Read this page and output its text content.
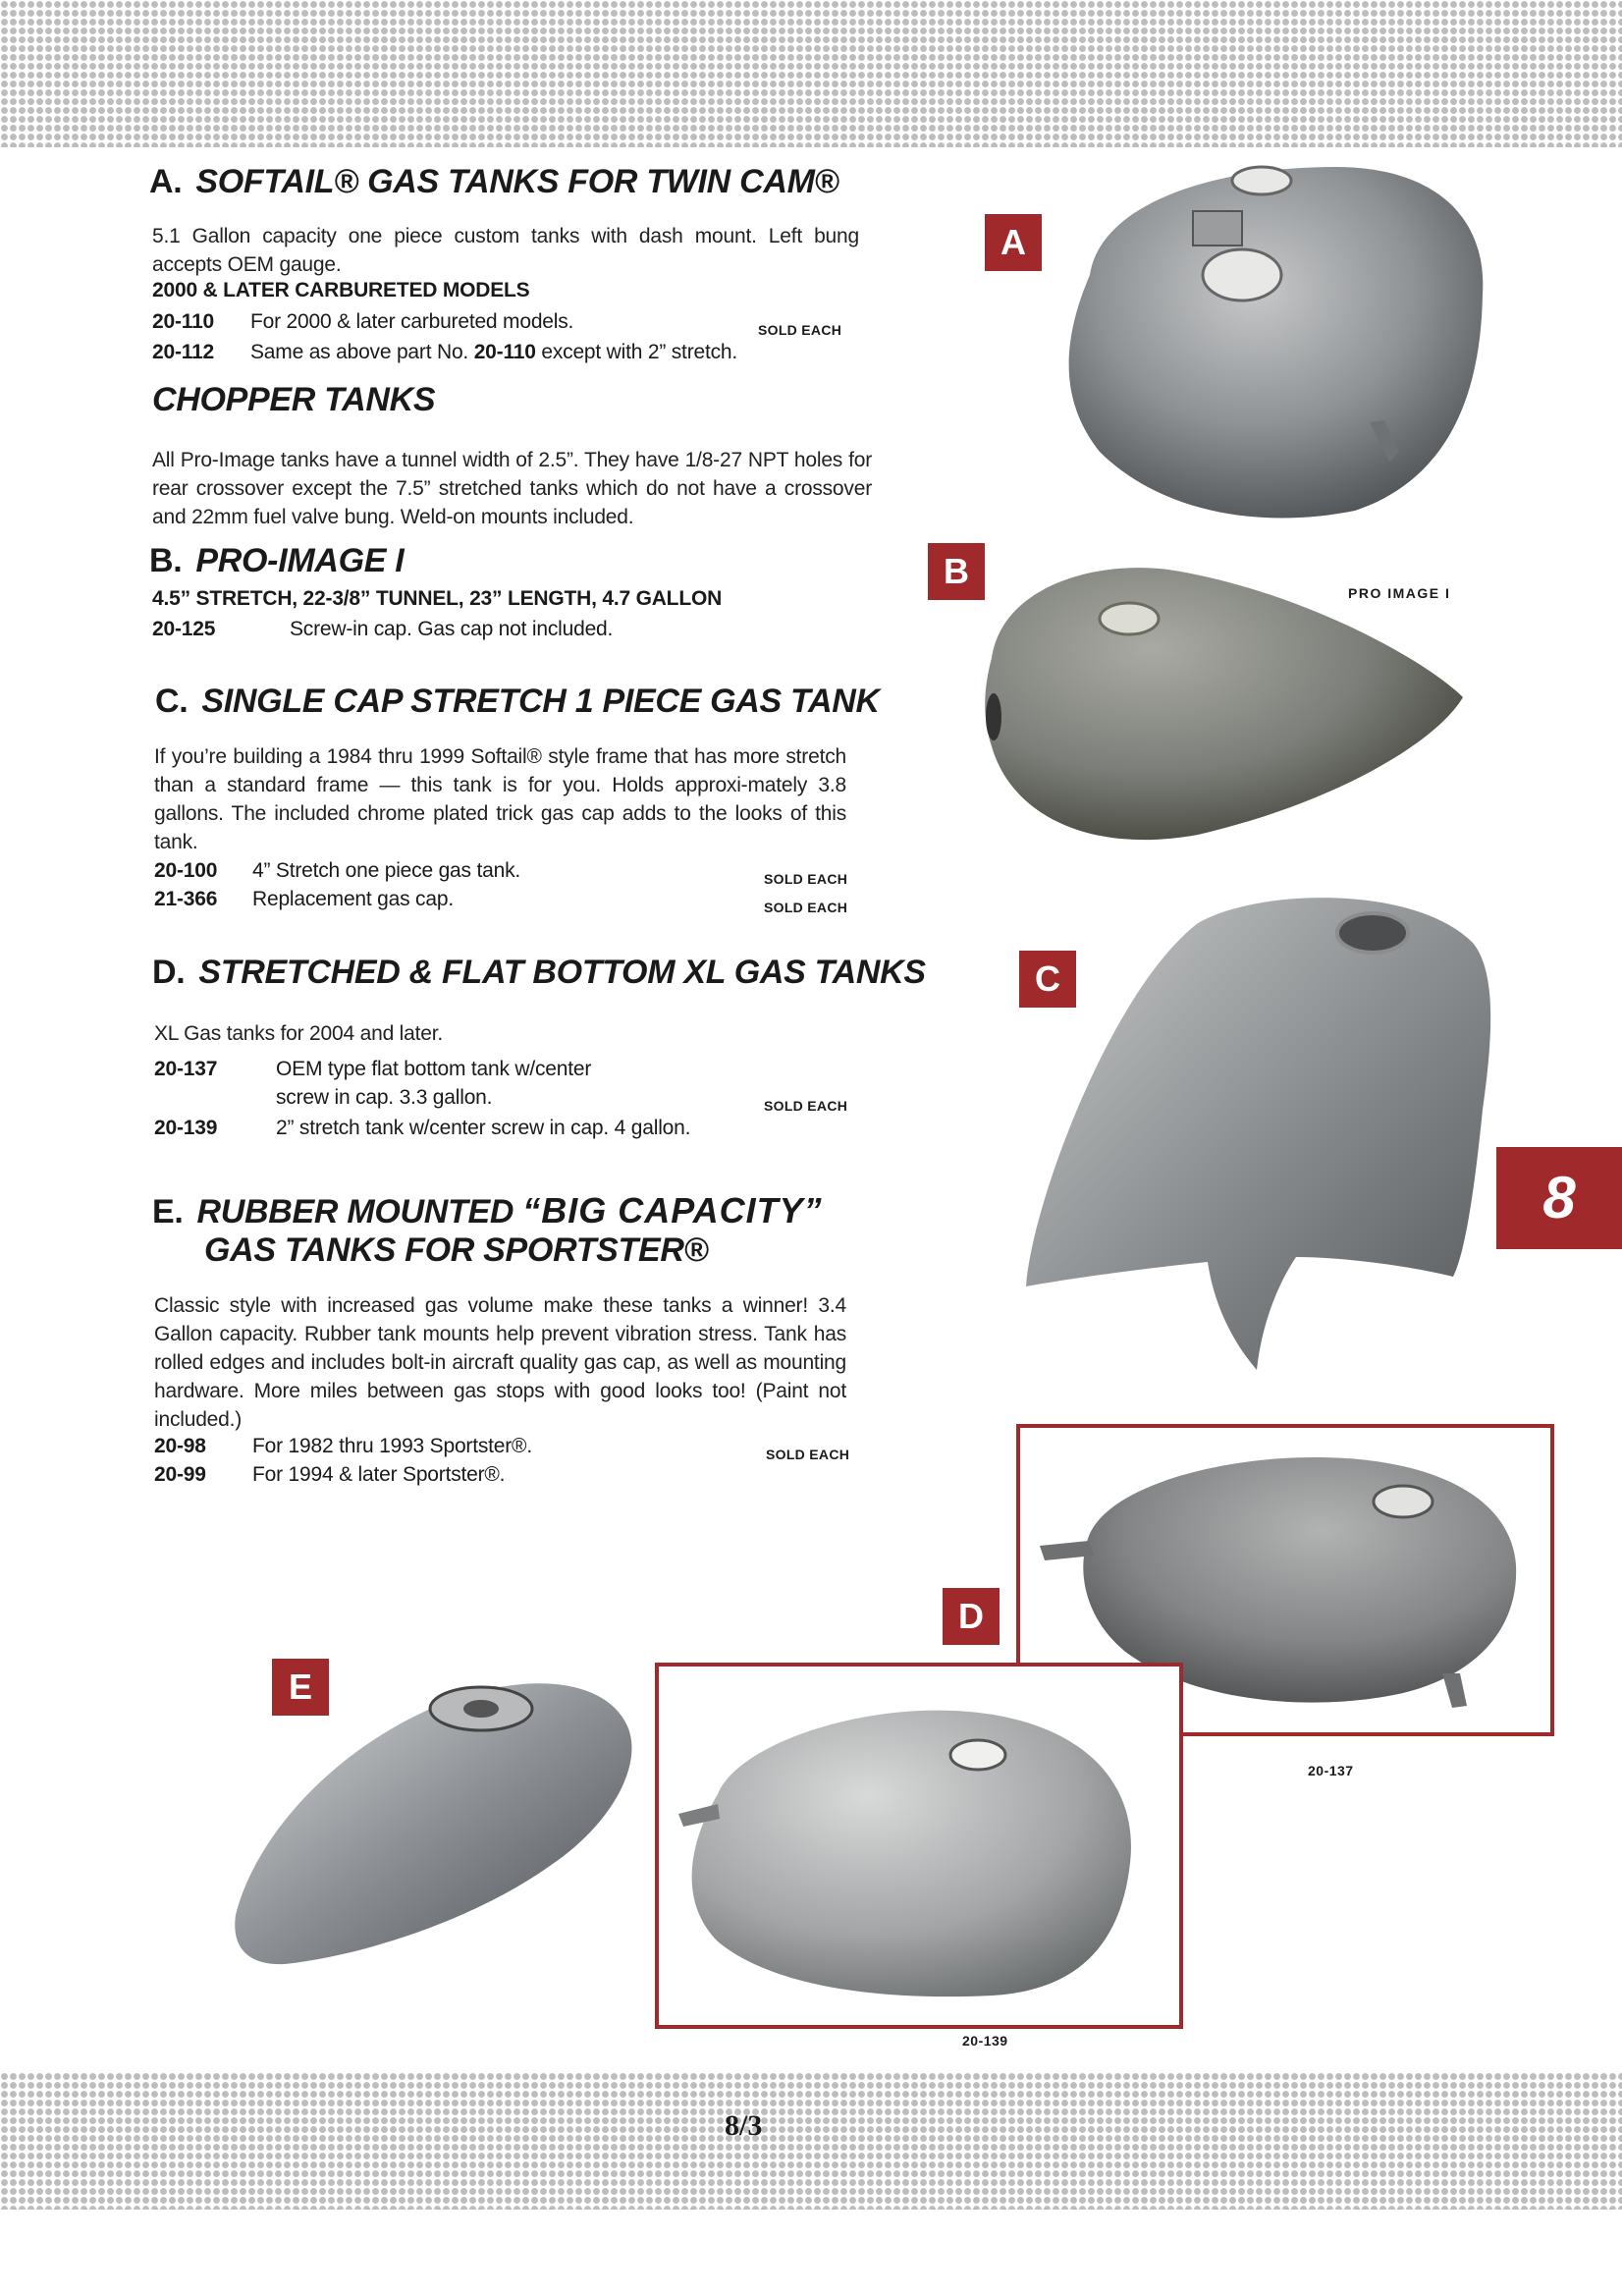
A. SOFTAIL® GAS TANKS FOR TWIN CAM®
5.1 Gallon capacity one piece custom tanks with dash mount. Left bung accepts OEM gauge.
2000 & LATER CARBURETED MODELS
20-110 For 2000 & later carbureted models.	SOLD EACH
20-112 Same as above part No. 20-110 except with 2” stretch.
CHOPPER TANKS
All Pro-Image tanks have a tunnel width of 2.5”. They have 1/8-27 NPT holes for rear crossover except the 7.5” stretched tanks which do not have a crossover and 22mm fuel valve bung. Weld-on mounts included.
B. PRO-IMAGE I
4.5” STRETCH, 22-3/8” TUNNEL, 23” LENGTH, 4.7 GALLON
20-125	Screw-in cap. Gas cap not included.
C. SINGLE CAP STRETCH 1 PIECE GAS TANK
If you’re building a 1984 thru 1999 Softail® style frame that has more stretch than a standard frame — this tank is for you. Holds approxi-mately 3.8 gallons. The included chrome plated trick gas cap adds to the looks of this tank.
20-100 4” Stretch one piece gas tank.	SOLD EACH
21-366 Replacement gas cap.	SOLD EACH
D. STRETCHED & FLAT BOTTOM XL GAS TANKS
XL Gas tanks for 2004 and later.
20-137	OEM type flat bottom tank w/center
screw in cap. 3.3 gallon.	SOLD EACH
20-139	2” stretch tank w/center screw in cap. 4 gallon.
E. RUBBER MOUNTED “BIG CAPACITY”
GAS TANKS FOR SPORTSTER®
Classic style with increased gas volume make these tanks a winner! 3.4 Gallon capacity. Rubber tank mounts help prevent vibration stress. Tank has rolled edges and includes bolt-in aircraft quality gas cap, as well as mounting hardware. More miles between gas stops with good looks too! (Paint not included.)
20-98 For 1982 thru 1993 Sportster®.	SOLD EACH
20-99 For 1994 & later Sportster®.
A
B
PRO IMAGE I
C
8
20-137
D
20-139
E
8/3
